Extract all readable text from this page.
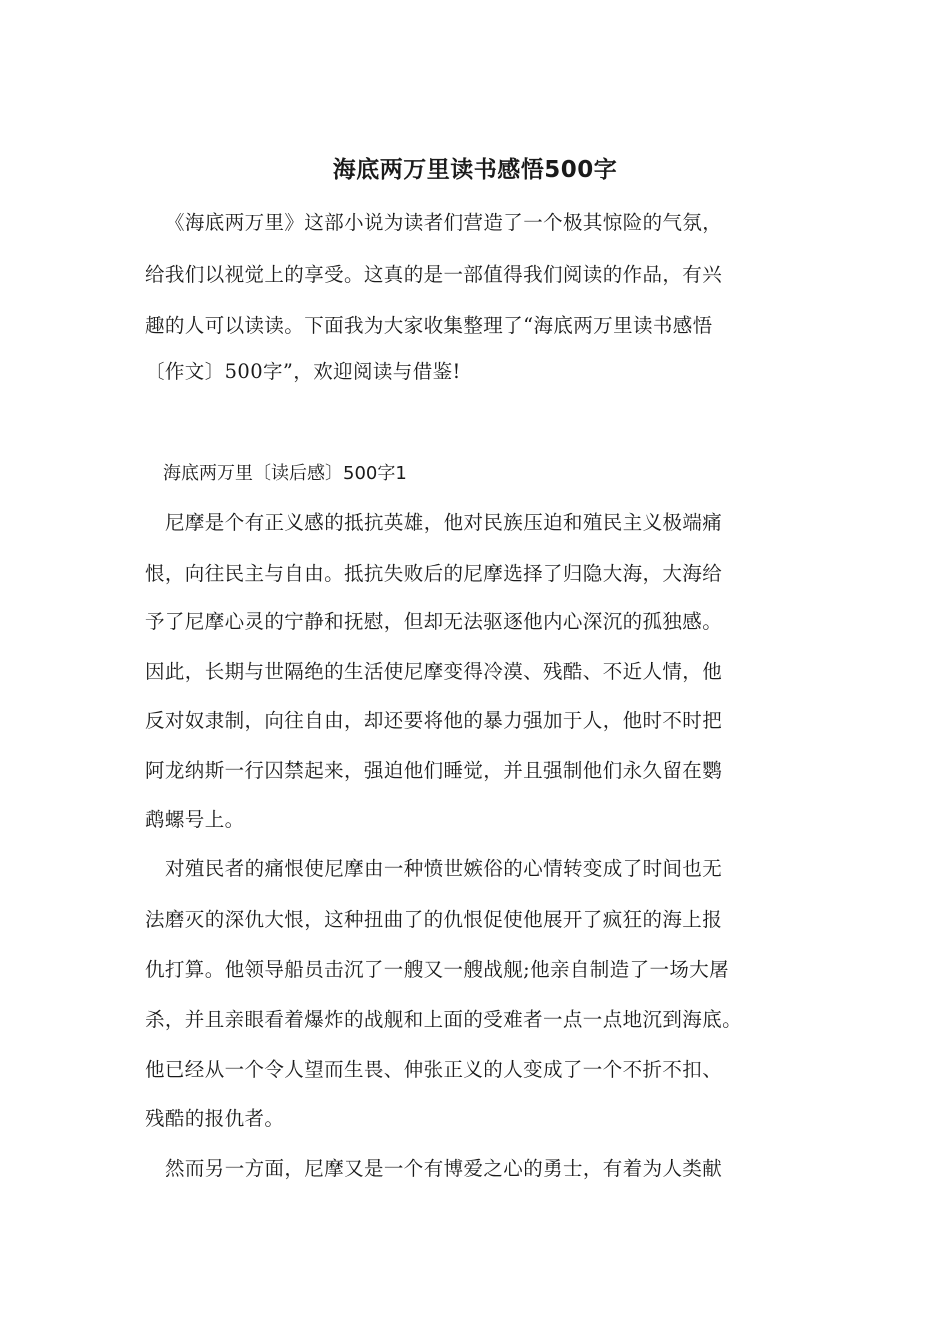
海底两万里读书感悟500字
《海底两万里》这部小说为读者们营造了一个极其惊险的气氛，
给我们以视觉上的享受。这真的是一部值得我们阅读的作品，有兴
趣的人可以读读。下面我为大家收集整理了“海底两万里读书感悟
〔作文〕500字”，欢迎阅读与借鉴!
海底两万里〔读后感〕500字1
尼摩是个有正义感的抵抗英雄，他对民族压迫和殖民主义极端痛
恨，向往民主与自由。抵抗失败后的尼摩选择了归隐大海，大海给
予了尼摩心灵的宁静和抚慰，但却无法驱逐他内心深沉的孤独感。
因此，长期与世隔绝的生活使尼摩变得冷漠、残酷、不近人情，他
反对奴隶制，向往自由，却还要将他的暴力强加于人，他时不时把
阿龙纳斯一行囚禁起来，强迫他们睡觉，并且强制他们永久留在鹦
鹉螺号上。
对殖民者的痛恨使尼摩由一种愤世嫉俗的心情转变成了时间也无
法磨灭的深仇大恨，这种扭曲了的仇恨促使他展开了疯狂的海上报
仇打算。他领导船员击沉了一艘又一艘战舰;他亲自制造了一场大屠
杀，并且亲眼看着爆炸的战舰和上面的受难者一点一点地沉到海底。
他已经从一个令人望而生畏、伸张正义的人变成了一个不折不扣、
残酷的报仇者。
然而另一方面，尼摩又是一个有博爱之心的勇士，有着为人类献
